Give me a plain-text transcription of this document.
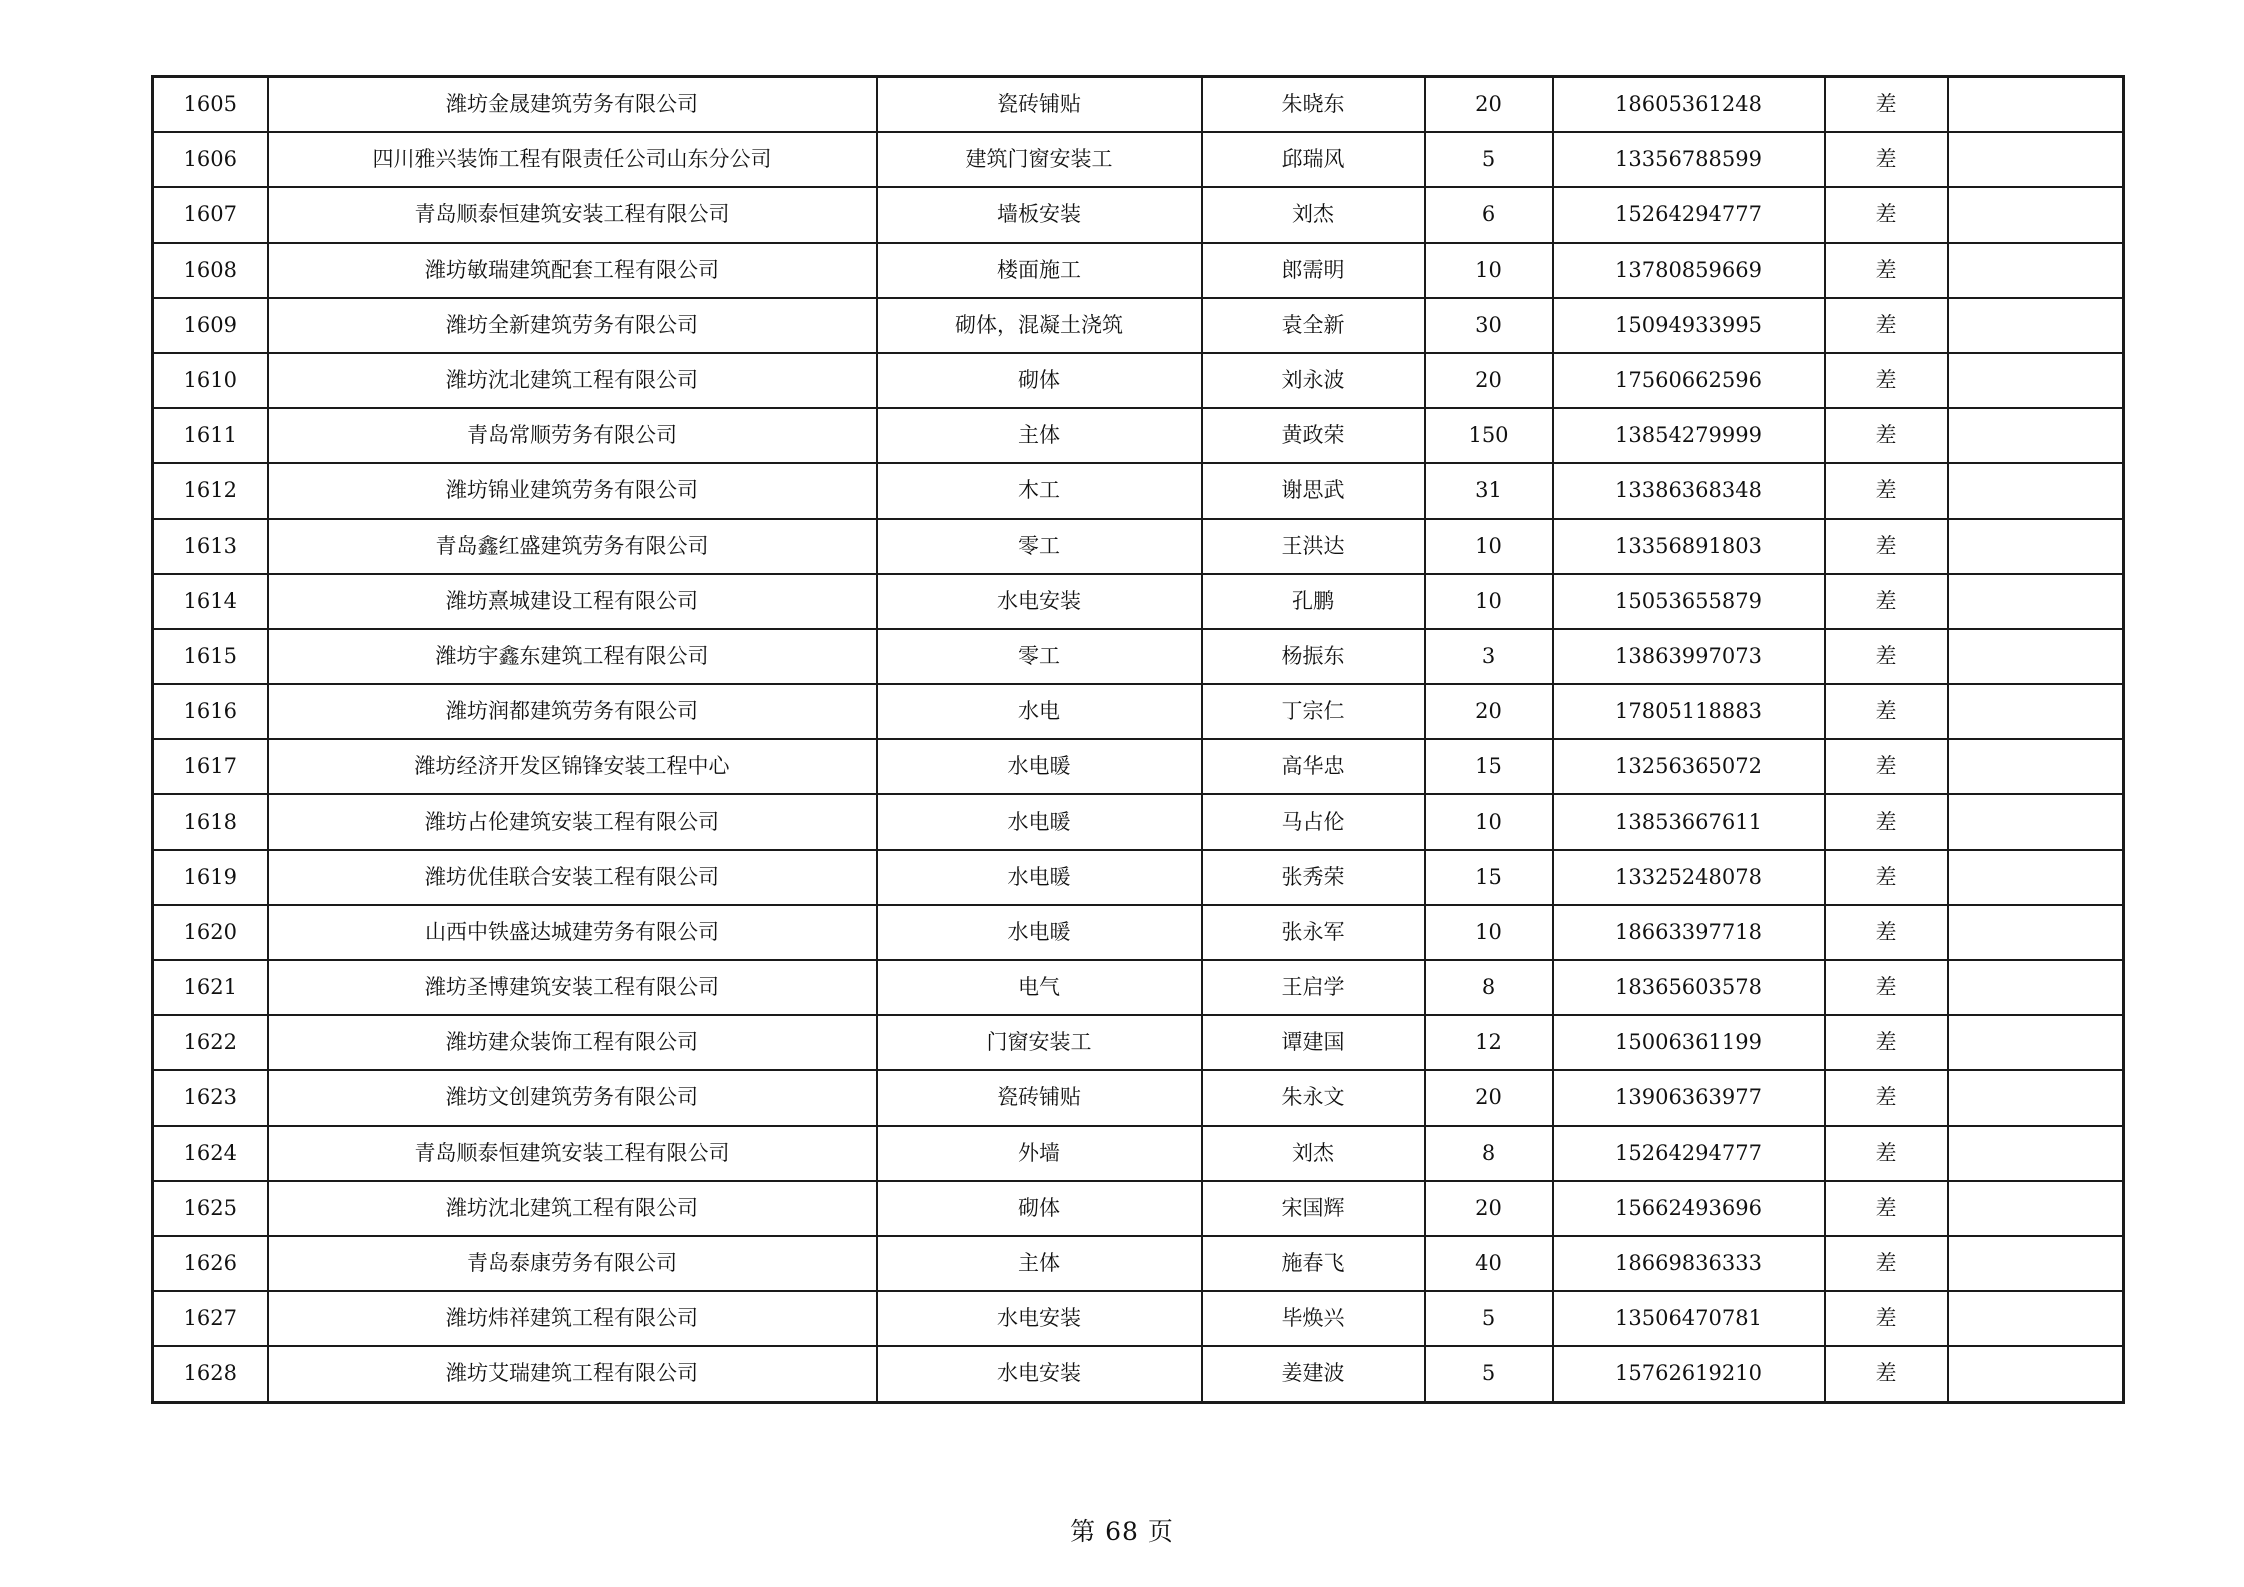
1605	潍坊金晟建筑劳务有限公司	瓷砖铺贴	朱晓东	20	18605361248	差	
1606	四川雅兴装饰工程有限责任公司山东分公司	建筑门窗安装工	邱瑞风	5	13356788599	差	
1607	青岛顺泰恒建筑安装工程有限公司	墙板安装	刘杰	6	15264294777	差	
1608	潍坊敏瑞建筑配套工程有限公司	楼面施工	郎需明	10	13780859669	差	
1609	潍坊全新建筑劳务有限公司	砌体，混凝土浇筑	袁全新	30	15094933995	差	
1610	潍坊沈北建筑工程有限公司	砌体	刘永波	20	17560662596	差	
1611	青岛常顺劳务有限公司	主体	黄政荣	150	13854279999	差	
1612	潍坊锦业建筑劳务有限公司	木工	谢思武	31	13386368348	差	
1613	青岛鑫红盛建筑劳务有限公司	零工	王洪达	10	13356891803	差	
1614	潍坊熹城建设工程有限公司	水电安装	孔鹏	10	15053655879	差	
1615	潍坊宇鑫东建筑工程有限公司	零工	杨振东	3	13863997073	差	
1616	潍坊润都建筑劳务有限公司	水电	丁宗仁	20	17805118883	差	
1617	潍坊经济开发区锦锋安装工程中心	水电暖	高华忠	15	13256365072	差	
1618	潍坊占伦建筑安装工程有限公司	水电暖	马占伦	10	13853667611	差	
1619	潍坊优佳联合安装工程有限公司	水电暖	张秀荣	15	13325248078	差	
1620	山西中铁盛达城建劳务有限公司	水电暖	张永军	10	18663397718	差	
1621	潍坊圣博建筑安装工程有限公司	电气	王启学	8	18365603578	差	
1622	潍坊建众装饰工程有限公司	门窗安装工	谭建国	12	15006361199	差	
1623	潍坊文创建筑劳务有限公司	瓷砖铺贴	朱永文	20	13906363977	差	
1624	青岛顺泰恒建筑安装工程有限公司	外墙	刘杰	8	15264294777	差	
1625	潍坊沈北建筑工程有限公司	砌体	宋国辉	20	15662493696	差	
1626	青岛泰康劳务有限公司	主体	施春飞	40	18669836333	差	
1627	潍坊炜祥建筑工程有限公司	水电安装	毕焕兴	5	13506470781	差	
1628	潍坊艾瑞建筑工程有限公司	水电安装	姜建波	5	15762619210	差	
第 68 页
